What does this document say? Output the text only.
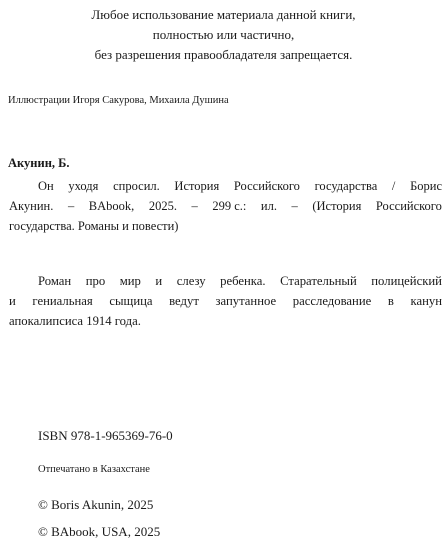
Любое использование материала данной книги,
полностью или частично,
без разрешения правообладателя запрещается.
Иллюстрации Игоря Сакурова, Михаила Душина
Акунин, Б.
Он уходя спросил. История Российского государства / Борис
Акунин. – BAbook, 2025. – 299 с.: ил. – (История Российского
государства. Романы и повести)
Роман про мир и слезу ребенка. Старательный полицейский
и гениальная сыщица ведут запутанное расследование в канун
апокалипсиса 1914 года.
ISBN 978-1-965369-76-0
Отпечатано в Казахстане
© Boris Akunin, 2025
© BAbook, USA, 2025
